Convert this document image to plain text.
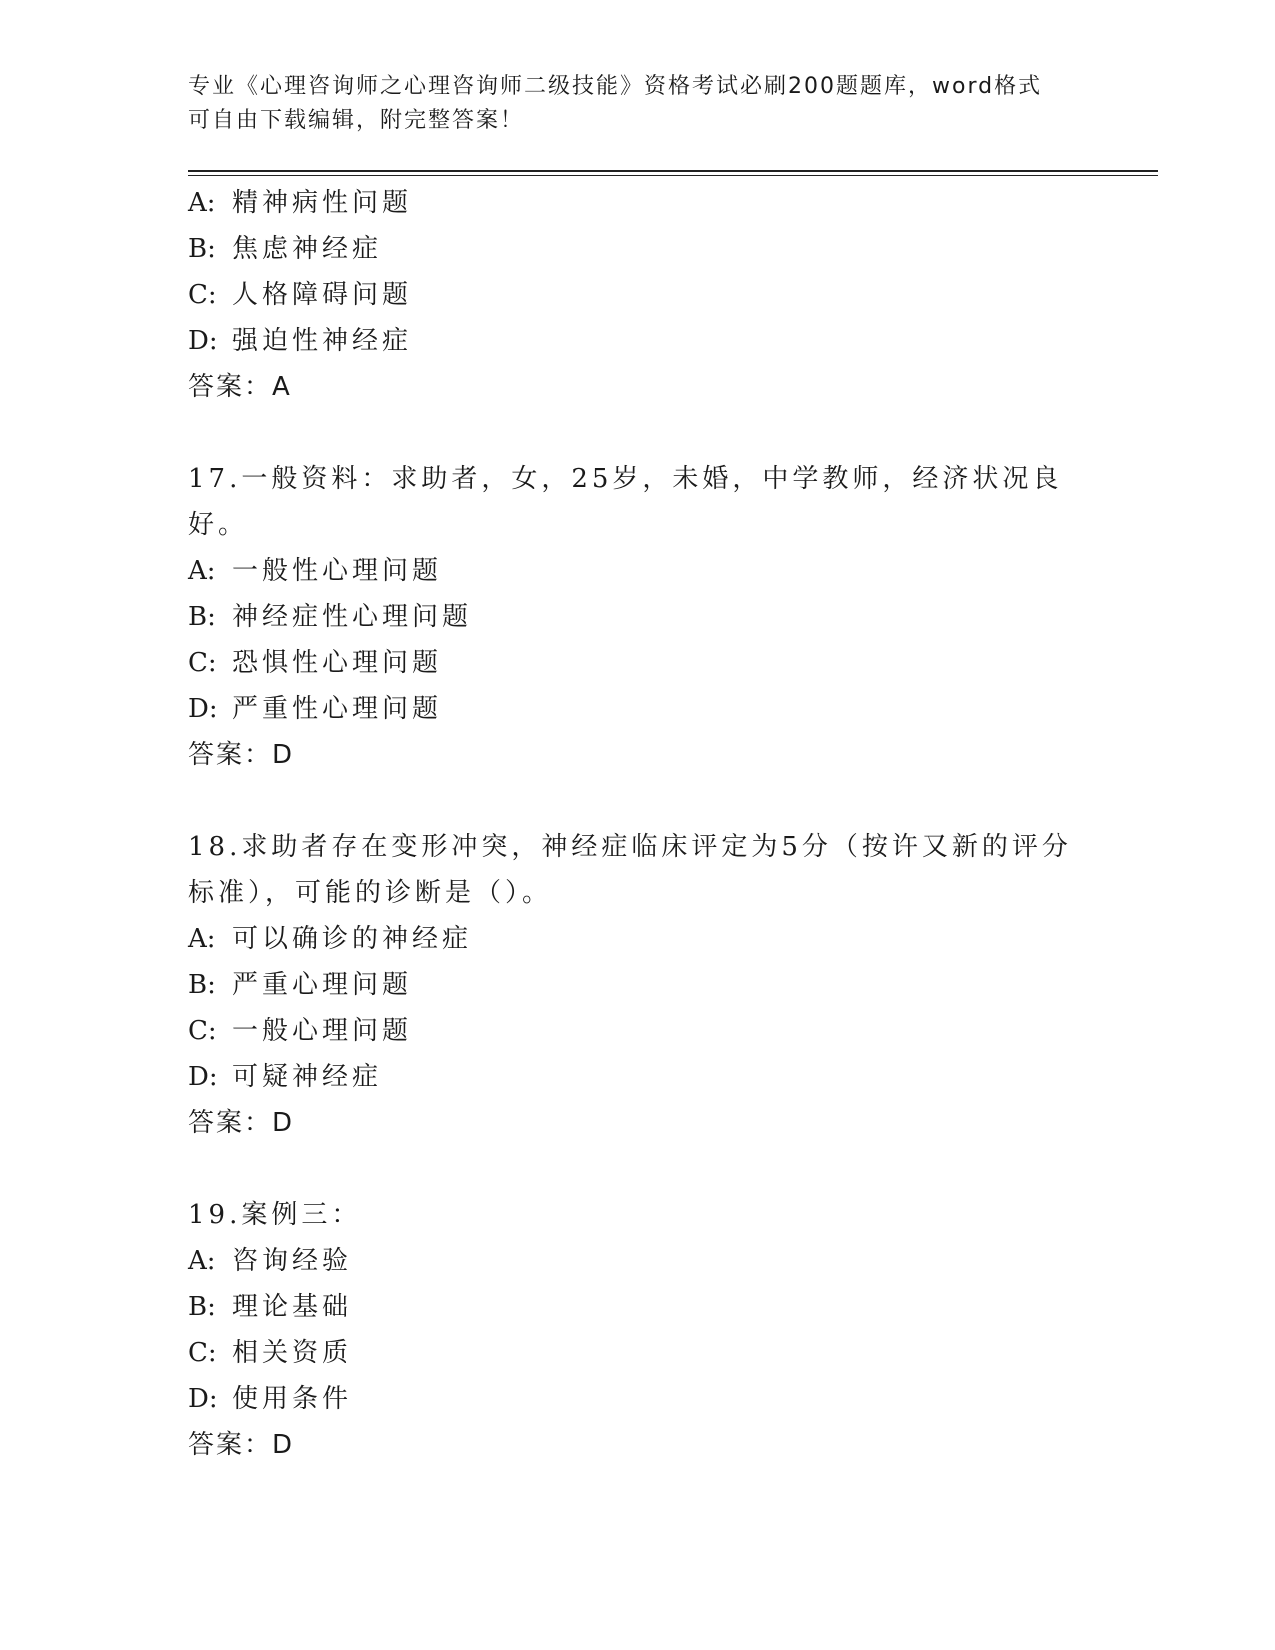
专业《心理咨询师之心理咨询师二级技能》资格考试必刷200题题库，word格式
可自由下载编辑，附完整答案！
A: 精神病性问题
B: 焦虑神经症
C: 人格障碍问题
D: 强迫性神经症
答案：A
17.一般资料：求助者，女，25岁，未婚，中学教师，经济状况良好。
A: 一般性心理问题
B: 神经症性心理问题
C: 恐惧性心理问题
D: 严重性心理问题
答案：D
18.求助者存在变形冲突，神经症临床评定为5分（按许又新的评分标准），可能的诊断是（）。
A: 可以确诊的神经症
B: 严重心理问题
C: 一般心理问题
D: 可疑神经症
答案：D
19.案例三：
A: 咨询经验
B: 理论基础
C: 相关资质
D: 使用条件
答案：D
